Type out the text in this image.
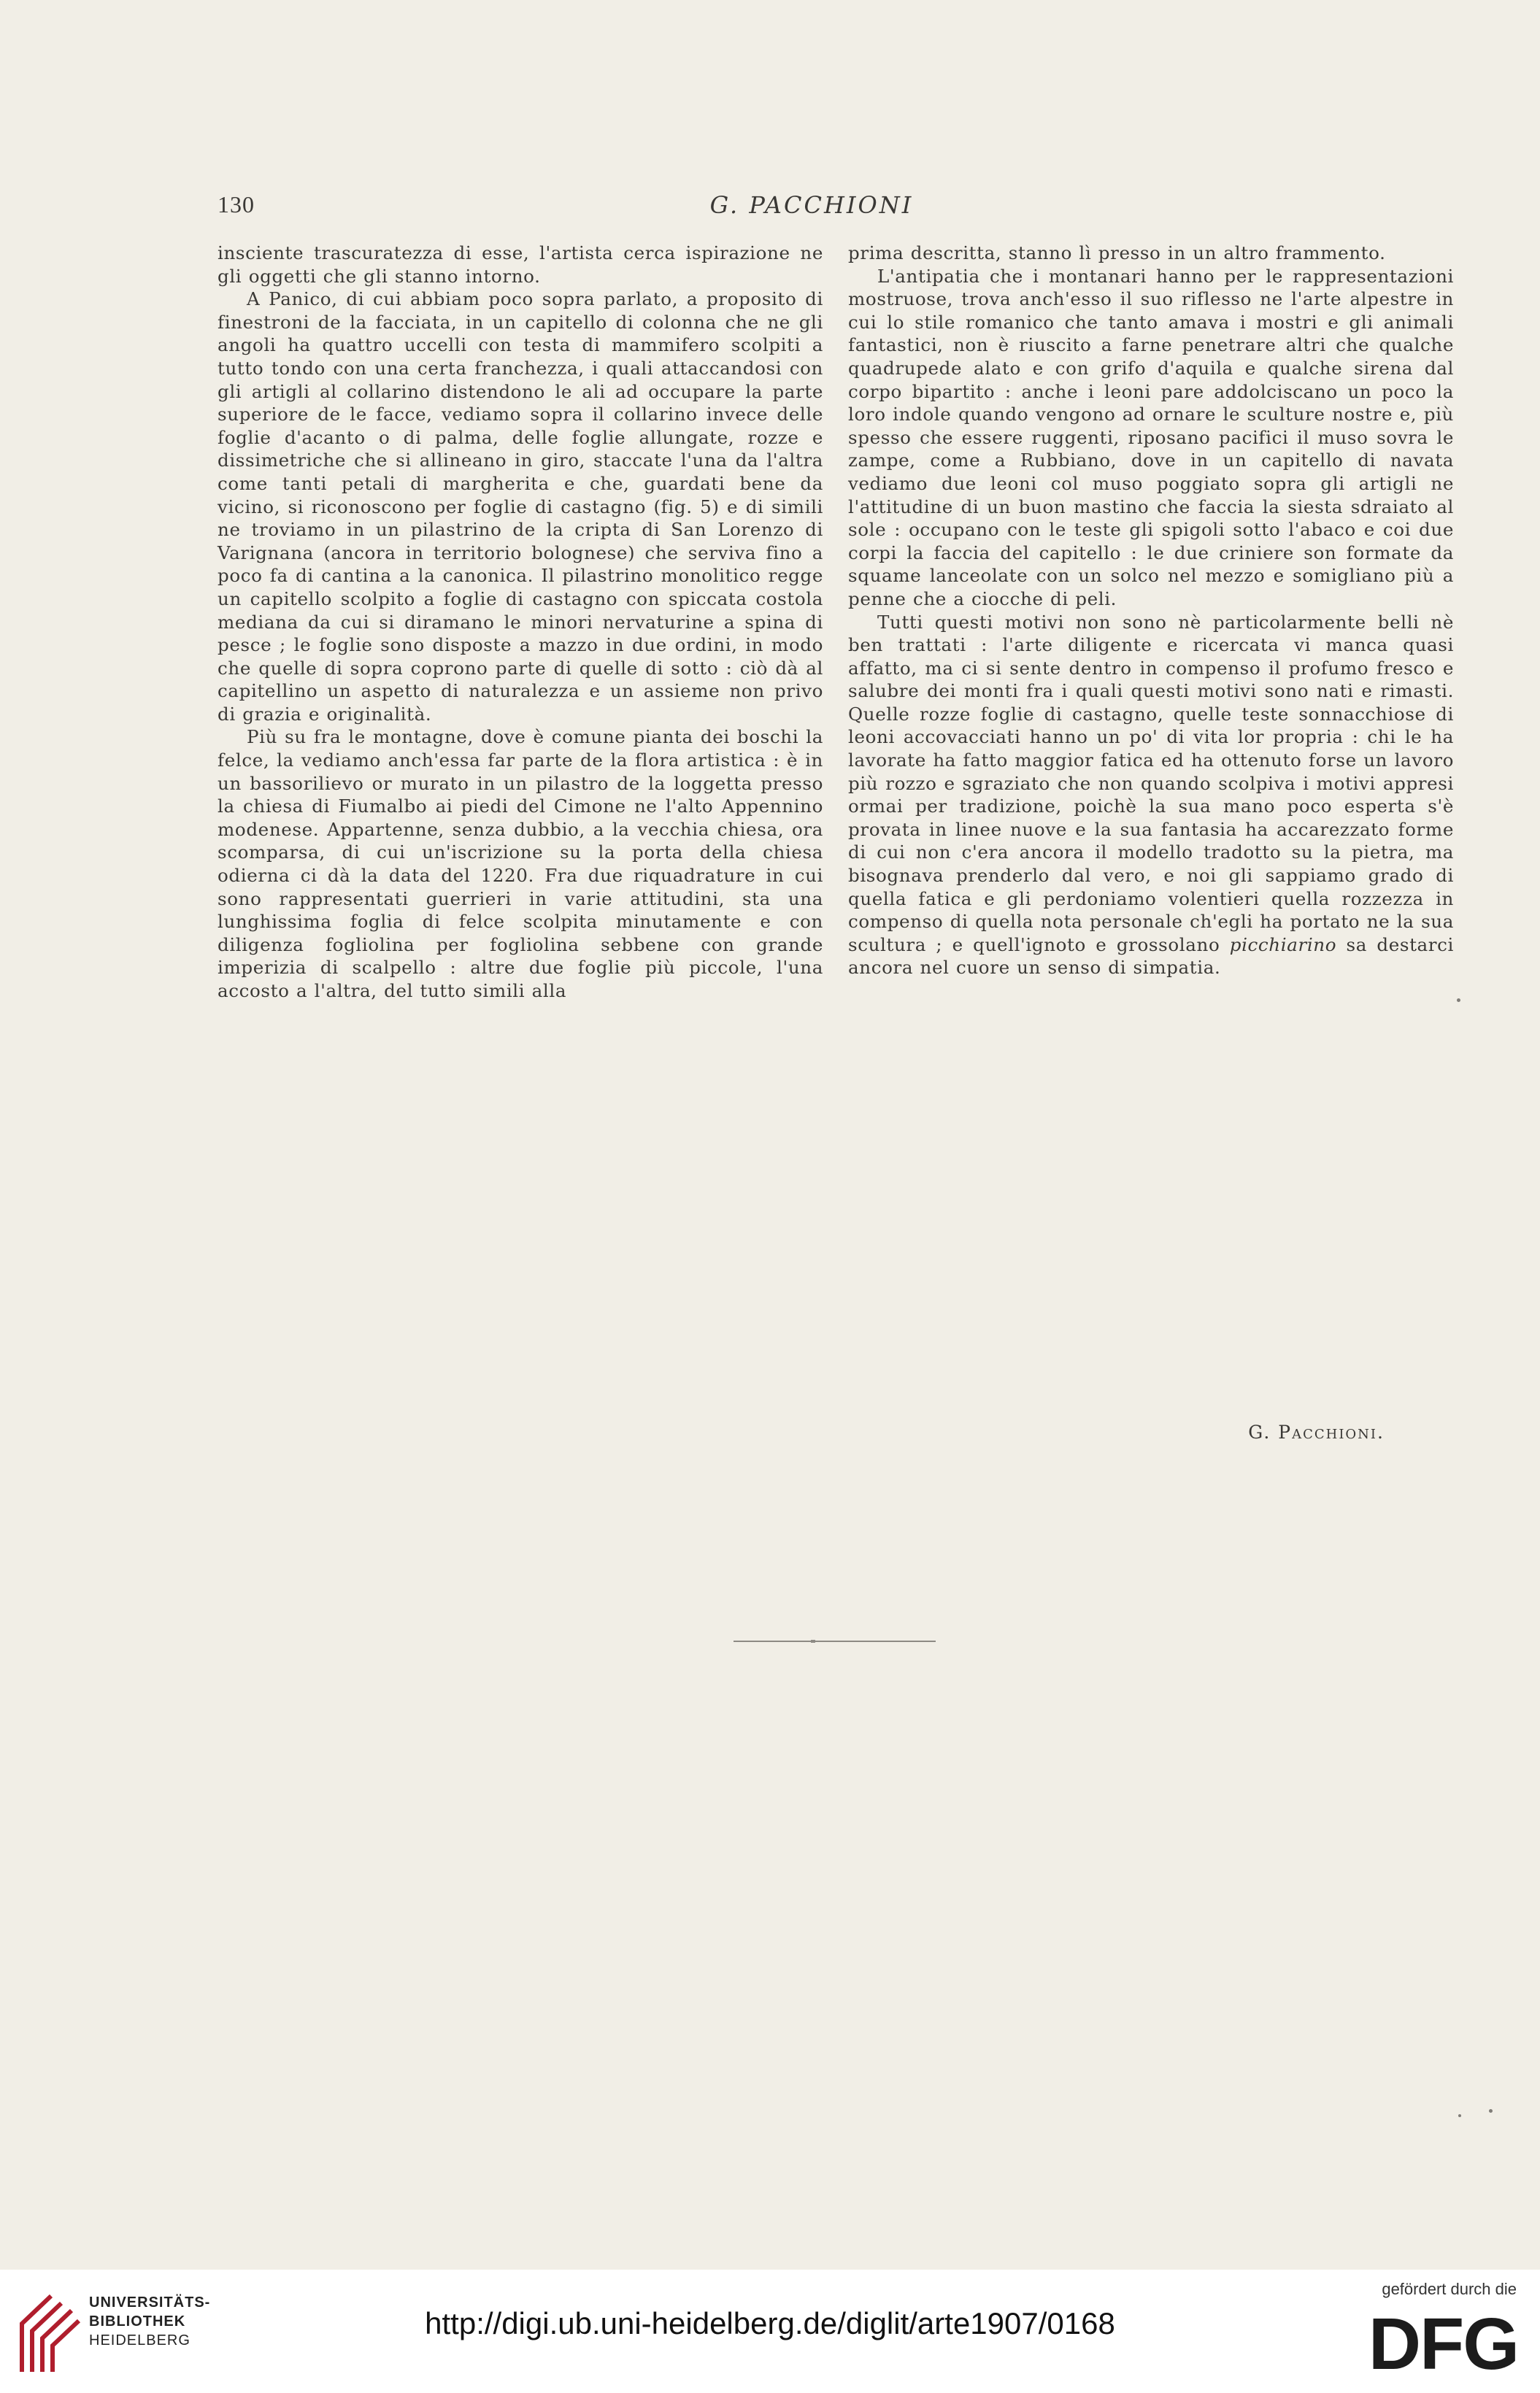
130	G. PACCHIONI

insciente trascuratezza di esse, l'artista cerca ispirazione ne gli oggetti che gli stanno intorno.

A Panico, di cui abbiam poco sopra parlato, a proposito di finestroni de la facciata, in un capitello di colonna che ne gli angoli ha quattro uccelli con testa di mammifero scolpiti a tutto tondo con una certa franchezza, i quali attaccandosi con gli artigli al collarino distendono le ali ad occupare la parte superiore de le facce, vediamo sopra il collarino invece delle foglie d'acanto o di palma, delle foglie allungate, rozze e dissimetriche che si allineano in giro, staccate l'una da l'altra come tanti petali di margherita e che, guardati bene da vicino, si riconoscono per foglie di castagno (fig. 5) e di simili ne troviamo in un pilastrino de la cripta di San Lorenzo di Varignana (ancora in territorio bolognese) che serviva fino a poco fa di cantina a la canonica. Il pilastrino monolitico regge un capitello scolpito a foglie di castagno con spiccata costola mediana da cui si diramano le minori nervaturine a spina di pesce ; le foglie sono disposte a mazzo in due ordini, in modo che quelle di sopra coprono parte di quelle di sotto : ciò dà al capitellino un aspetto di naturalezza e un assieme non privo di grazia e originalità.

Più su fra le montagne, dove è comune pianta dei boschi la felce, la vediamo anch'essa far parte de la flora artistica : è in un bassorilievo or murato in un pilastro de la loggetta presso la chiesa di Fiumalbo ai piedi del Cimone ne l'alto Appennino modenese. Appartenne, senza dubbio, a la vecchia chiesa, ora scomparsa, di cui un'iscrizione su la porta della chiesa odierna ci dà la data del 1220. Fra due riquadrature in cui sono rappresentati guerrieri in varie attitudini, sta una lunghissima foglia di felce scolpita minutamente e con diligenza fogliolina per fogliolina sebbene con grande imperizia di scalpello : altre due foglie più piccole, l'una accosto a l'altra, del tutto simili alla

prima descritta, stanno lì presso in un altro frammento.

L'antipatia che i montanari hanno per le rappresentazioni mostruose, trova anch'esso il suo riflesso ne l'arte alpestre in cui lo stile romanico che tanto amava i mostri e gli animali fantastici, non è riuscito a farne penetrare altri che qualche quadrupede alato e con grifo d'aquila e qualche sirena dal corpo bipartito : anche i leoni pare addolciscano un poco la loro indole quando vengono ad ornare le sculture nostre e, più spesso che essere ruggenti, riposano pacifici il muso sovra le zampe, come a Rubbiano, dove in un capitello di navata vediamo due leoni col muso poggiato sopra gli artigli ne l'attitudine di un buon mastino che faccia la siesta sdraiato al sole : occupano con le teste gli spigoli sotto l'abaco e coi due corpi la faccia del capitello : le due criniere son formate da squame lanceolate con un solco nel mezzo e somigliano più a penne che a ciocche di peli.

Tutti questi motivi non sono nè particolarmente belli nè ben trattati : l'arte diligente e ricercata vi manca quasi affatto, ma ci si sente dentro in compenso il profumo fresco e salubre dei monti fra i quali questi motivi sono nati e rimasti. Quelle rozze foglie di castagno, quelle teste sonnacchiose di leoni accovacciati hanno un po' di vita lor propria : chi le ha lavorate ha fatto maggior fatica ed ha ottenuto forse un lavoro più rozzo e sgraziato che non quando scolpiva i motivi appresi ormai per tradizione, poichè la sua mano poco esperta s'è provata in linee nuove e la sua fantasia ha accarezzato forme di cui non c'era ancora il modello tradotto su la pietra, ma bisognava prenderlo dal vero, e noi gli sappiamo grado di quella fatica e gli perdoniamo volentieri quella rozzezza in compenso di quella nota personale ch'egli ha portato ne la sua scultura ; e quell'ignoto e grossolano picchiarino sa destarci ancora nel cuore un senso di simpatia.

G. Pacchioni.
UNIVERSITÄTS-
BIBLIOTHEK
HEIDELBERG	http://digi.ub.uni-heidelberg.de/diglit/arte1907/0168
gefördert durch die
DFG
